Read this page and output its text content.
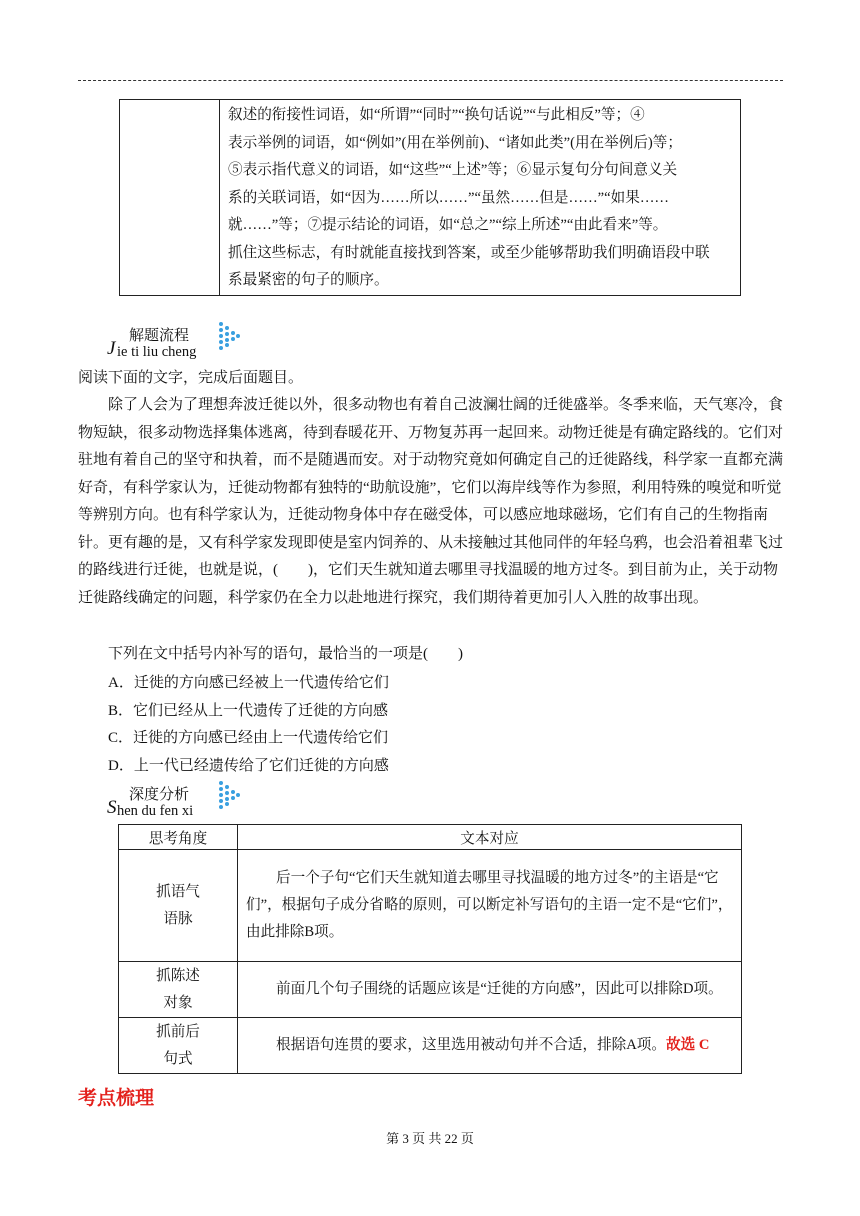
叙述的衔接性词语，如“所谓”“同时”“换句话说”“与此相反”等；④
表示举例的词语，如“例如”(用在举例前)、“诸如此类”(用在举例后)等；
⑤表示指代意义的词语，如“这些”“上述”等；⑥显示复句分句间意义关
系的关联词语，如“因为……所以……”“虽然……但是……”“如果……
就……”等；⑦提示结论的词语，如“总之”“综上所述”“由此看来”等。
抓住这些标志，有时就能直接找到答案，或至少能够帮助我们明确语段中联
系最紧密的句子的顺序。
解题流程
J ie ti liu cheng
阅读下面的文字，完成后面题目。
除了人会为了理想奔波迁徙以外，很多动物也有着自己波澜壮阔的迁徙盛举。冬季来临，天气寒冷，食物短缺，很多动物选择集体逃离，待到春暖花开、万物复苏再一起回来。动物迁徙是有确定路线的。它们对驻地有着自己的坚守和执着，而不是随遇而安。对于动物究竟如何确定自己的迁徙路线，科学家一直都充满好奇，有科学家认为，迁徙动物都有独特的“助航设施”，它们以海岸线等作为参照，利用特殊的嗅觉和听觉等辨别方向。也有科学家认为，迁徙动物身体中存在磁受体，可以感应地球磁场，它们有自己的生物指南针。更有趣的是，又有科学家发现即使是室内饲养的、从未接触过其他同伴的年轻乌鸦，也会沿着祖辈飞过的路线进行迁徙，也就是说，(　　)，它们天生就知道去哪里寻找温暖的地方过冬。到目前为止，关于动物迁徙路线确定的问题，科学家仍在全力以赴地进行探究，我们期待着更加引人入胜的故事出现。
下列在文中括号内补写的语句，最恰当的一项是(　　)
A．迁徙的方向感已经被上一代遗传给它们
B．它们已经从上一代遗传了迁徙的方向感
C．迁徙的方向感已经由上一代遗传给它们
D．上一代已经遗传给了它们迁徙的方向感
深度分析
S hen du fen xi
思考角度	文本对应

抓语气
语脉	后一个子句“它们天生就知道去哪里寻找温暖的地方过冬”的主语是“它们”，根据句子成分省略的原则，可以断定补写语句的主语一定不是“它们”，由此排除B项。

抓陈述
对象	前面几个句子围绕的话题应该是“迁徙的方向感”，因此可以排除D项。

抓前后
句式	根据语句连贯的要求，这里选用被动句并不合适，排除A项。故选 C
考点梳理
第 3 页 共 22 页
